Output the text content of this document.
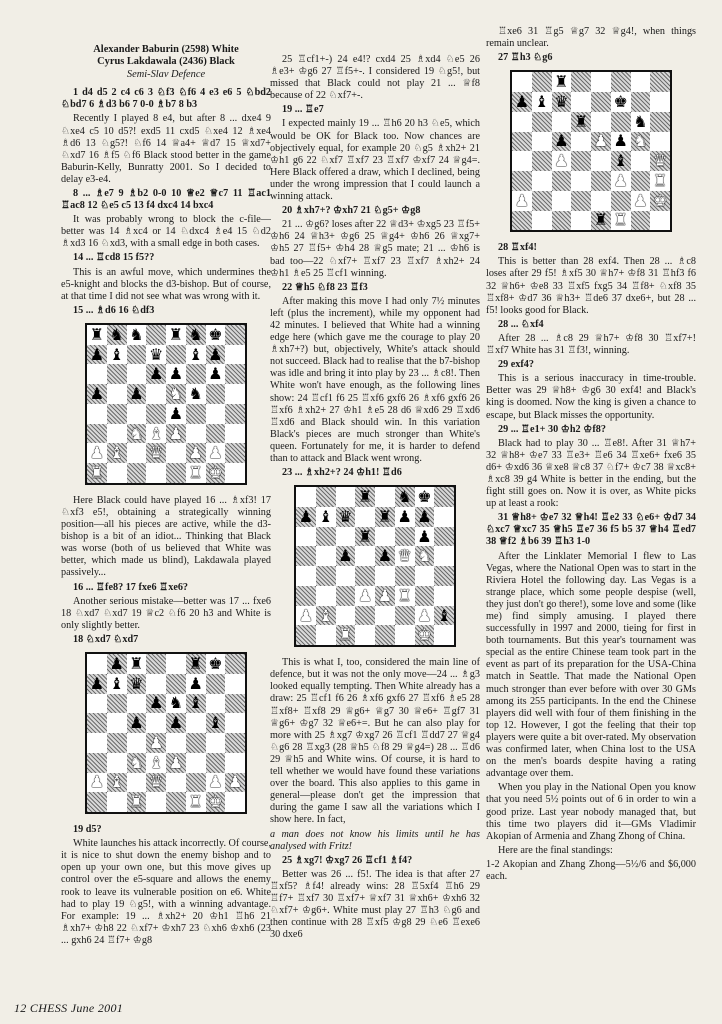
Alexander Baburin (2598) White
Cyrus Lakdawala (2436) Black
Semi-Slav Defence

1 d4 d5 2 c4 c6 3 ♘f3 ♘f6 4 e3 e6 5 ♘bd2 ♘bd7 6 ♗d3 b6 7 0-0 ♗b7 8 b3

Recently I played 8 e4, but after 8 ... dxe4 9 ♘xe4 c5 10 d5?! exd5 11 cxd5 ♘xe4 12 ♗xe4 ♗d6 13 ♘g5?! ♘f6 14 ♕a4+ ♕d7 15 ♕xd7+ ♘xd7 16 ♗f5 ♘f6 Black stood better in the game Baburin-Kelly, Bunratty 2001. So I decided to delay e3-e4.

8 ... ♗e7 9 ♗b2 0-0 10 ♕e2 ♕c7 11 ♖ac1 ♖ac8 12 ♘e5 c5 13 f4 dxc4 14 bxc4

It was probably wrong to block the c-file—better was 14 ♗xc4 or 14 ♘dxc4 ♗e4 15 ♘d2 ♗xd3 16 ♘xd3, with a small edge in both cases.

14 ... ♖cd8 15 f5??

This is an awful move, which undermines the e5-knight and blocks the d3-bishop. But of course, at that time I did not see what was wrong with it.

15 ... ♗d6 16 ♘df3

♜ ♞ ♞ ♜ ♞ ♚
♟ ♝ ♛ ♝ ♟
♟ ♟ ♟
♟ ♟ ♞ ♞
♟
♞ ♝ ♟
♟ ♝ ♛ ♟ ♟
♜	♜ ♚

Here Black could have played 16 ... ♗xf3! 17 ♘xf3 e5!, obtaining a strategically winning position—all his pieces are active, while the d3-bishop is a bit of an idiot... Thinking that Black was worse (both of us believed that White was better, which made us blind), Lakdawala played passively...

16 ... ♖fe8? 17 fxe6 ♖xe6?

Another serious mistake—better was 17 ... fxe6 18 ♘xd7 ♘xd7 19 ♕c2 ♘f6 20 h3 and White is only slightly better.

18 ♘xd7 ♘xd7

♟ ♜	♜ ♚
♟ ♝ ♛	♟
♟ ♞ ♝
♟ ♟ ♝
♟
♞ ♝ ♟
♟ ♝ ♛	♟ ♟
♜	♜ ♚

19 d5?

White launches his attack incorrectly. Of course, it is nice to shut down the enemy bishop and to open up your own one, but this move gives up control over the e5-square and allows the enemy rook to leave its vulnerable position on e6. White had to play 19 ♘g5!, with a winning advantage. For example: 19 ... ♗xh2+ 20 ♔h1 ♖h6 21 ♗xh7+ ♔h8 22 ♘xf7+ ♔xh7 23 ♘xh6 ♔xh6 (23 ... gxh6 24 ♖f7+ ♔g8

25 ♖cf1+-) 24 e4!? cxd4 25 ♗xd4 ♘e5 26 ♗e3+ ♔g6 27 ♖f5+-. I considered 19 ♘g5!, but missed that Black could not play 21 ... ♕f8 because of 22 ♘xf7+-.

19 ... ♖e7

I expected mainly 19 ... ♖h6 20 h3 ♘e5, which would be OK for Black too. Now chances are objectively equal, for example 20 ♘g5 ♗xh2+ 21 ♔h1 g6 22 ♘xf7 ♖xf7 23 ♖xf7 ♔xf7 24 ♕g4=. Here Black offered a draw, which I declined, being under the wrong impression that I could launch a winning attack.

20 ♗xh7+? ♔xh7 21 ♘g5+ ♔g8

21 ... ♔g6? loses after 22 ♕d3+ ♔xg5 23 ♖f5+ ♔h6 24 ♕h3+ ♔g6 25 ♕g4+ ♔h6 26 ♕xg7+ ♔h5 27 ♖f5+ ♔h4 28 ♕g5 mate; 21 ... ♔h6 is bad too—22 ♘xf7+ ♖xf7 23 ♖xf7 ♗xh2+ 24 ♔h1 ♗e5 25 ♖cf1 winning.

22 ♕h5 ♘f8 23 ♖f3

After making this move I had only 7½ minutes left (plus the increment), while my opponent had 42 minutes. I believed that White had a winning edge here (which gave me the courage to play 20 ♗xh7+?) but, objectively, White's attack should not succeed. Black had to realise that the b7-bishop was idle and bring it into play by 23 ... ♗c8!. Then White won't have enough, as the following lines show: 24 ♖cf1 f6 25 ♖xf6 gxf6 26 ♗xf6 gxf6 26 ♖xf6 ♗xh2+ 27 ♔h1 ♗e5 28 d6 ♕xd6 29 ♖xd6 ♖xd6 and Black should win. In this variation Black's pieces are much stronger than White's queen. Fortunately for me, it is harder to defend than to attack and Black went wrong.

23 ... ♗xh2+? 24 ♔h1! ♖d6

♜ ♞ ♚
♟ ♝ ♛ ♜ ♟ ♟
♜	♟
♟ ♟ ♛ ♞
♟ ♟ ♜
♟ ♝	♟ ♝
♜	♚

This is what I, too, considered the main line of defence, but it was not the only move—24 ... ♗g3 looked equally tempting. Then White already has a draw: 25 ♖cf1 f6 26 ♗xf6 gxf6 27 ♖xf6 ♗e5 28 ♖xf8+ ♖xf8 29 ♕g6+ ♕g7 30 ♕e6+ ♖gf7 31 ♕g6+ ♔g7 32 ♕e6+=. But he can also play for more with 25 ♗xg7 ♔xg7 26 ♖cf1 ♖dd7 27 ♕g4 ♘g6 28 ♖xg3 (28 ♕h5 ♘f8 29 ♕g4=) 28 ... ♖d6 29 ♕h5 and White wins. Of course, it is hard to tell whether we would have found these variations over the board. This also applies to this game in general—please don't get the impression that during the game I saw all the variations which I show here. In fact,

a man does not know his limits until he has analysed with Fritz!

25 ♗xg7! ♔xg7 26 ♖cf1 ♗f4?

Better was 26 ... f5!. The idea is that after 27 ♖xf5? ♗f4! already wins: 28 ♖5xf4 ♖h6 29 ♖f7+ ♖xf7 30 ♖xf7+ ♕xf7 31 ♕xh6+ ♔xh6 32 ♘xf7+ ♔g6+. White must play 27 ♖h3 ♘g6 and then continue with 28 ♖xf5 ♔g8 29 ♘e6 ♖exe6 30 dxe6

♖xe6 31 ♖g5 ♕g7 32 ♕g4!, when things remain unclear.

27 ♖h3 ♘g6

♜
♟ ♝ ♛	♚
♜	♞
♟ ♟ ♟ ♞
♟	♝ ♛
♟ ♜
♟	♟ ♚
♜ ♜

28 ♖xf4!

This is better than 28 exf4. Then 28 ... ♗c8 loses after 29 f5! ♗xf5 30 ♕h7+ ♔f8 31 ♖hf3 f6 32 ♕h6+ ♔e8 33 ♖xf5 fxg5 34 ♖f8+ ♘xf8 35 ♖xf8+ ♔d7 36 ♕h3+ ♖de6 37 dxe6+, but 28 ... f5! looks good for Black.

28 ... ♘xf4

After 28 ... ♗c8 29 ♕h7+ ♔f8 30 ♖xf7+! ♖xf7 White has 31 ♖f3!, winning.

29 exf4?

This is a serious inaccuracy in time-trouble. Better was 29 ♕h8+ ♔g6 30 exf4! and Black's king is doomed. Now the king is given a chance to escape, but Black misses the opportunity.

29 ... ♖e1+ 30 ♔h2 ♔f8?

Black had to play 30 ... ♖e8!. After 31 ♕h7+ 32 ♕h8+ ♔e7 33 ♖e3+ ♖e6 34 ♖xe6+ fxe6 35 d6+ ♔xd6 36 ♕xe8 ♕c8 37 ♘f7+ ♔c7 38 ♕xc8+ ♗xc8 39 g4 White is better in the ending, but the fight still goes on. Now it is over, as White picks up at least a rook:

31 ♕h8+ ♔e7 32 ♕h4! ♖e2 33 ♘e6+ ♔d7 34 ♘xc7 ♕xc7 35 ♕h5 ♖e7 36 f5 b5 37 ♕h4 ♖ed7 38 ♕f2 ♗b6 39 ♖h3 1-0

After the Linklater Memorial I flew to Las Vegas, where the National Open was to start in the Riviera Hotel the following day. Las Vegas is a strange place, which some people despise (well, they just don't go there!), some love and some (like me) find simply amusing. I played there successfully in 1997 and 2000, tieing for first in both tournaments. But this year's tournament was special as the entire Chinese team took part in the event as part of its preparation for the USA-China match in Seattle. That made the National Open much stronger than ever before with over 30 GMs among its 255 participants. In the end the Chinese players did well with four of them finishing in the top 12. However, I got the feeling that their top players were quite a bit over-rated. My observation was confirmed later, when China lost to the USA on the men's boards despite having a rating advantage over them.

When you play in the National Open you know that you need 5½ points out of 6 in order to win a good prize. Last year nobody managed that, but this time two players did it—GMs Vladimir Akopian of Armenia and Zhang Zhong of China.

Here are the final standings:

1-2 Akopian and Zhang Zhong—5½/6 and $6,000 each.

12 CHESS June 2001
